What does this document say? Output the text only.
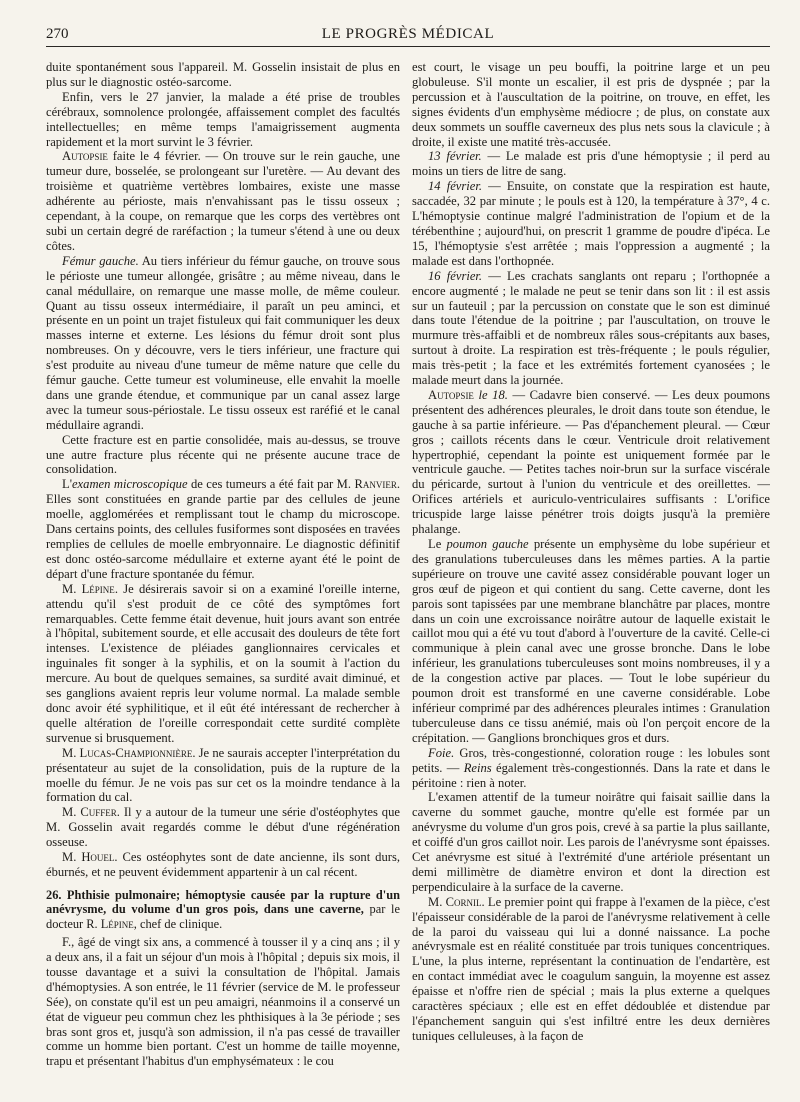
270	LE PROGRÈS MÉDICAL

duite spontanément sous l'appareil. M. Gosselin insistait de plus en plus sur le diagnostic ostéo-sarcome.

Enfin, vers le 27 janvier, la malade a été prise de troubles cérébraux, somnolence prolongée, affaissement complet des facultés intellectuelles; en même temps l'amaigrissement augmenta rapidement et la mort survint le 3 février.

Autopsie faite le 4 février. — On trouve sur le rein gauche, une tumeur dure, bosselée, se prolongeant sur l'uretère. — Au devant des troisième et quatrième vertèbres lombaires, existe une masse adhérente au périoste, mais n'envahissant pas le tissu osseux ; cependant, à la coupe, on remarque que les corps des vertèbres ont subi un certain degré de raréfaction ; la tumeur s'étend à une ou deux côtes.

Fémur gauche. Au tiers inférieur du fémur gauche, on trouve sous le périoste une tumeur allongée, grisâtre ; au même niveau, dans le canal médullaire, on remarque une masse molle, de même couleur. Quant au tissu osseux intermédiaire, il paraît un peu aminci, et présente en un point un trajet fistuleux qui fait communiquer les deux masses interne et externe. Les lésions du fémur droit sont plus nombreuses. On y découvre, vers le tiers inférieur, une fracture qui s'est produite au niveau d'une tumeur de même nature que celle du fémur gauche. Cette tumeur est volumineuse, elle envahit la moelle dans une grande étendue, et communique par un canal assez large avec la tumeur sous-périostale. Le tissu osseux est raréfié et le canal médullaire agrandi.

Cette fracture est en partie consolidée, mais au-dessus, se trouve une autre fracture plus récente qui ne présente aucune trace de consolidation.

L'examen microscopique de ces tumeurs a été fait par M. Ranvier. Elles sont constituées en grande partie par des cellules de jeune moelle, agglomérées et remplissant tout le champ du microscope. Dans certains points, des cellules fusiformes sont disposées en travées remplies de cellules de moelle embryonnaire. Le diagnostic définitif est donc ostéo-sarcome médullaire et externe ayant été le point de départ d'une fracture spontanée du fémur.

M. Lépine. Je désirerais savoir si on a examiné l'oreille interne, attendu qu'il s'est produit de ce côté des symptômes fort remarquables. Cette femme était devenue, huit jours avant son entrée à l'hôpital, subitement sourde, et elle accusait des douleurs de tête fort intenses. L'existence de pléiades ganglionnaires cervicales et inguinales fit songer à la syphilis, et on la soumit à l'action du mercure. Au bout de quelques semaines, sa surdité avait diminué, et ses ganglions avaient repris leur volume normal. La malade semble donc avoir été syphilitique, et il eût été intéressant de rechercher à quelle altération de l'oreille correspondait cette surdité complète survenue si brusquement.

M. Lucas-Championnière. Je ne saurais accepter l'interprétation du présentateur au sujet de la consolidation, puis de la rupture de la moelle du fémur. Je ne vois pas sur cet os la moindre tendance à la formation du cal.

M. Cuffer. Il y a autour de la tumeur une série d'ostéophytes que M. Gosselin avait regardés comme le début d'une régénération osseuse.

M. Houel. Ces ostéophytes sont de date ancienne, ils sont durs, éburnés, et ne peuvent évidemment appartenir à un cal récent.

26. Phthisie pulmonaire; hémoptysie causée par la rupture d'un anévrysme, du volume d'un gros pois, dans une caverne, par le docteur R. Lépine, chef de clinique.

F., âgé de vingt six ans, a commencé à tousser il y a cinq ans ; il y a deux ans, il a fait un séjour d'un mois à l'hôpital ; depuis six mois, il tousse davantage et a suivi la consultation de l'hôpital. Jamais d'hémoptysies. A son entrée, le 11 février (service de M. le professeur Sée), on constate qu'il est un peu amaigri, néanmoins il a conservé un état de vigueur peu commun chez les phthisiques à la 3e période ; ses bras sont gros et, jusqu'à son admission, il n'a pas cessé de travailler comme un homme bien portant. C'est un homme de taille moyenne, trapu et présentant l'habitus d'un emphysémateux : le cou

est court, le visage un peu bouffi, la poitrine large et un peu globuleuse. S'il monte un escalier, il est pris de dyspnée ; par la percussion et à l'auscultation de la poitrine, on trouve, en effet, les signes évidents d'un emphysème médiocre ; de plus, on constate aux deux sommets un souffle caverneux des plus nets sous la clavicule ; à droite, il existe une matité très-accusée.

13 février. — Le malade est pris d'une hémoptysie ; il perd au moins un tiers de litre de sang.

14 février. — Ensuite, on constate que la respiration est haute, saccadée, 32 par minute ; le pouls est à 120, la température à 37°, 4 c. L'hémoptysie continue malgré l'administration de l'opium et de la térébenthine ; aujourd'hui, on prescrit 1 gramme de poudre d'ipéca. Le 15, l'hémoptysie s'est arrêtée ; mais l'oppression a augmenté ; la malade est dans l'orthopnée.

16 février. — Les crachats sanglants ont reparu ; l'orthopnée a encore augmenté ; le malade ne peut se tenir dans son lit : il est assis sur un fauteuil ; par la percussion on constate que le son est diminué dans toute l'étendue de la poitrine ; par l'auscultation, on trouve le murmure très-affaibli et de nombreux râles sous-crépitants aux bases, surtout à droite. La respiration est très-fréquente ; le pouls régulier, mais très-petit ; la face et les extrémités fortement cyanosées ; le malade meurt dans la journée.

Autopsie le 18. — Cadavre bien conservé. — Les deux poumons présentent des adhérences pleurales, le droit dans toute son étendue, le gauche à sa partie inférieure. — Pas d'épanchement pleural. — Cœur gros ; caillots récents dans le cœur. Ventricule droit relativement hypertrophié, cependant la pointe est uniquement formée par le ventricule gauche. — Petites taches noir-brun sur la surface viscérale du péricarde, surtout à l'union du ventricule et des oreillettes. — Orifices artériels et auriculo-ventriculaires suffisants : L'orifice tricuspide large laisse pénétrer trois doigts jusqu'à la première phalange.

Le poumon gauche présente un emphysème du lobe supérieur et des granulations tuberculeuses dans les mêmes parties. A la partie supérieure on trouve une cavité assez considérable pouvant loger un gros œuf de pigeon et qui contient du sang. Cette caverne, dont les parois sont tapissées par une membrane blanchâtre par places, montre dans un coin une excroissance noirâtre autour de laquelle existait le caillot mou qui a été vu tout d'abord à l'ouverture de la cavité. Celle-ci communique à plein canal avec une grosse bronche. Dans le lobe inférieur, les granulations tuberculeuses sont moins nombreuses, il y a de la congestion active par places. — Tout le lobe supérieur du poumon droit est transformé en une caverne considérable. Lobe inférieur comprimé par des adhérences pleurales intimes : Granulation tuberculeuse dans ce tissu anémié, mais où l'on perçoit encore de la crépitation. — Ganglions bronchiques gros et durs.

Foie. Gros, très-congestionné, coloration rouge : les lobules sont petits. — Reins également très-congestionnés. Dans la rate et dans le péritoine : rien à noter.

L'examen attentif de la tumeur noirâtre qui faisait saillie dans la caverne du sommet gauche, montre qu'elle est formée par un anévrysme du volume d'un gros pois, crevé à sa partie la plus saillante, et coiffé d'un gros caillot noir. Les parois de l'anévrysme sont épaisses. Cet anévrysme est situé à l'extrémité d'une artériole présentant un demi millimètre de diamètre environ et dont la direction est perpendiculaire à la surface de la caverne.

M. Cornil. Le premier point qui frappe à l'examen de la pièce, c'est l'épaisseur considérable de la paroi de l'anévrysme relativement à celle de la paroi du vaisseau qui lui a donné naissance. La poche anévrysmale est en réalité constituée par trois tuniques concentriques. L'une, la plus interne, représentant la continuation de l'endartère, est en contact immédiat avec le coagulum sanguin, la moyenne est assez épaisse et n'offre rien de spécial ; mais la plus externe a quelques caractères spéciaux ; elle est en effet dédoublée et distendue par l'épanchement sanguin qui s'est infiltré entre les deux dernières tuniques celluleuses, à la façon de
